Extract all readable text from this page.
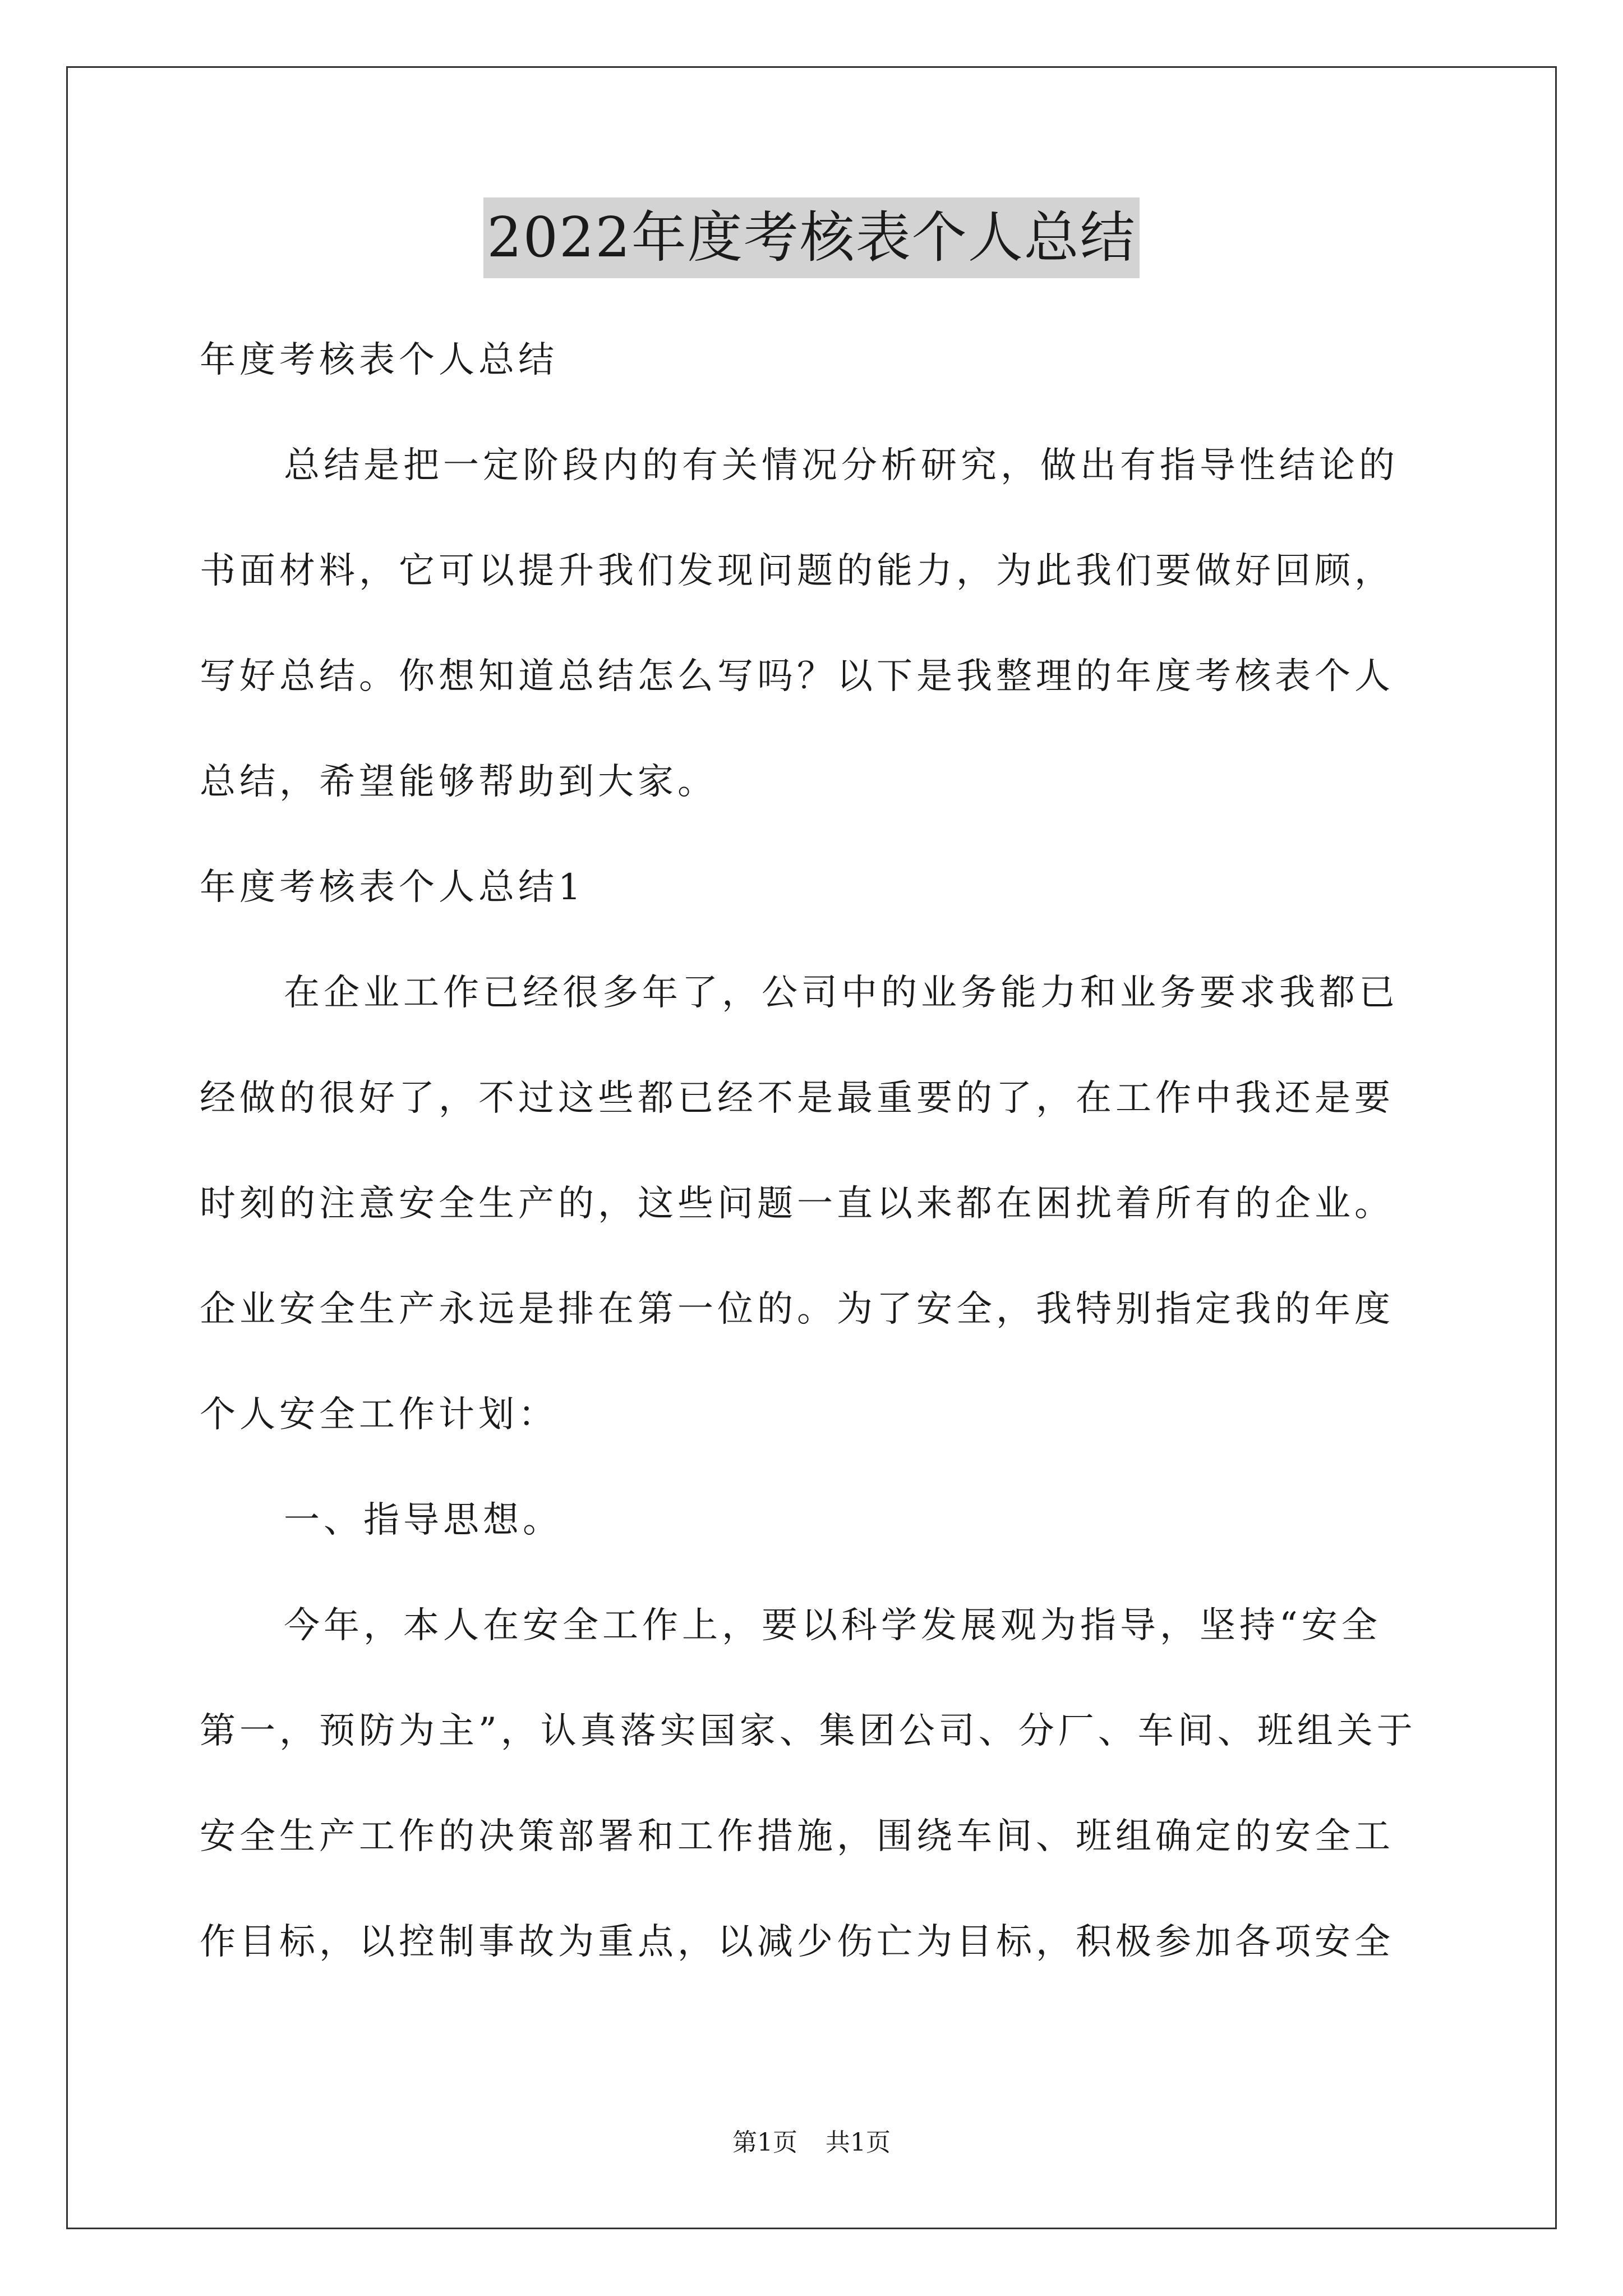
2022年度考核表个人总结
年度考核表个人总结
总结是把一定阶段内的有关情况分析研究，做出有指导性结论的
书面材料，它可以提升我们发现问题的能力，为此我们要做好回顾，
写好总结。你想知道总结怎么写吗？以下是我整理的年度考核表个人
总结，希望能够帮助到大家。
年度考核表个人总结1
在企业工作已经很多年了，公司中的业务能力和业务要求我都已
经做的很好了，不过这些都已经不是最重要的了，在工作中我还是要
时刻的注意安全生产的，这些问题一直以来都在困扰着所有的企业。
企业安全生产永远是排在第一位的。为了安全，我特别指定我的年度
个人安全工作计划：
一、指导思想。
今年，本人在安全工作上，要以科学发展观为指导，坚持“安全
第一，预防为主”，认真落实国家、集团公司、分厂、车间、班组关于
安全生产工作的决策部署和工作措施，围绕车间、班组确定的安全工
作目标，以控制事故为重点，以减少伤亡为目标，积极参加各项安全
第1页 共1页
